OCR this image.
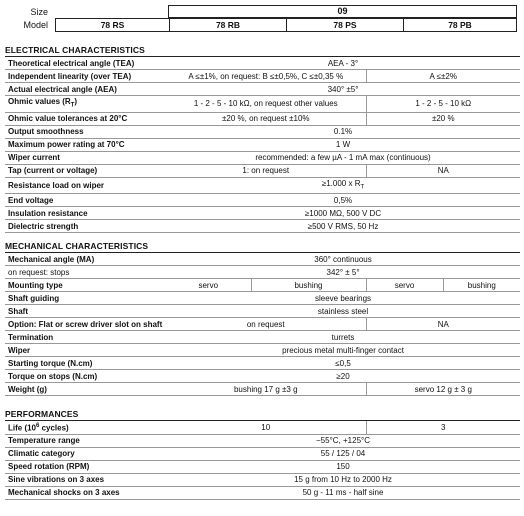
Size	09
Model	78 RS	78 RB	78 PS	78 PB
ELECTRICAL CHARACTERISTICS
Theoretical electrical angle (TEA)	AEA - 3°	
Independent linearity (over TEA)	A ≤±1%, on request: B ≤±0,5%, C ≤±0,35 %	A ≤±2%
Actual electrical angle (AEA)	340° ±5°	
Ohmic values $(R_T)$	1 - 2 - 5 - 10 kΩ, on request other values	1 - 2 - 5 - 10 kΩ
Ohmic value tolerances at 20°C	±20 %, on request ±10%	±20 %
Output smoothness	0.1%	
Maximum power rating at 70°C	1 W	
Wiper current	recommended: a few µA - 1 mA max (continuous)	
Tap (current or voltage)	1: on request	NA
Resistance load on wiper	≥1.000 x $R_T$
End voltage	0,5%	
Insulation resistance	≥1000 MΩ, 500 V DC	
Dielectric strength	≥500 V RMS, 50 Hz	
MECHANICAL CHARACTERISTICS
Mechanical angle (MA)	360° continuous			
on request: stops	342° ± 5°			
Mounting type	servo	bushing	servo	bushing
Shaft guiding	sleeve bearings			
Shaft	stainless steel			
Option: Flat or screw driver slot on shaft	on request		NA	
Termination	turrets			
Wiper	precious metal multi-finger contact			
Starting torque (N.cm)	≤0,5			
Torque on stops (N.cm)	≥20			
Weight (g)	bushing 17 g ±3 g		servo 12 g ± 3 g	
PERFORMANCES
Life ($10^6$ cycles)	10	3
Temperature range	−55°C, +125°C	
Climatic category	55 / 125 / 04	
Speed rotation (RPM)	150	
Sine vibrations on 3 axes	15 g from 10 Hz to 2000 Hz	
Mechanical shocks on 3 axes	50 g - 11 ms - half sine	
